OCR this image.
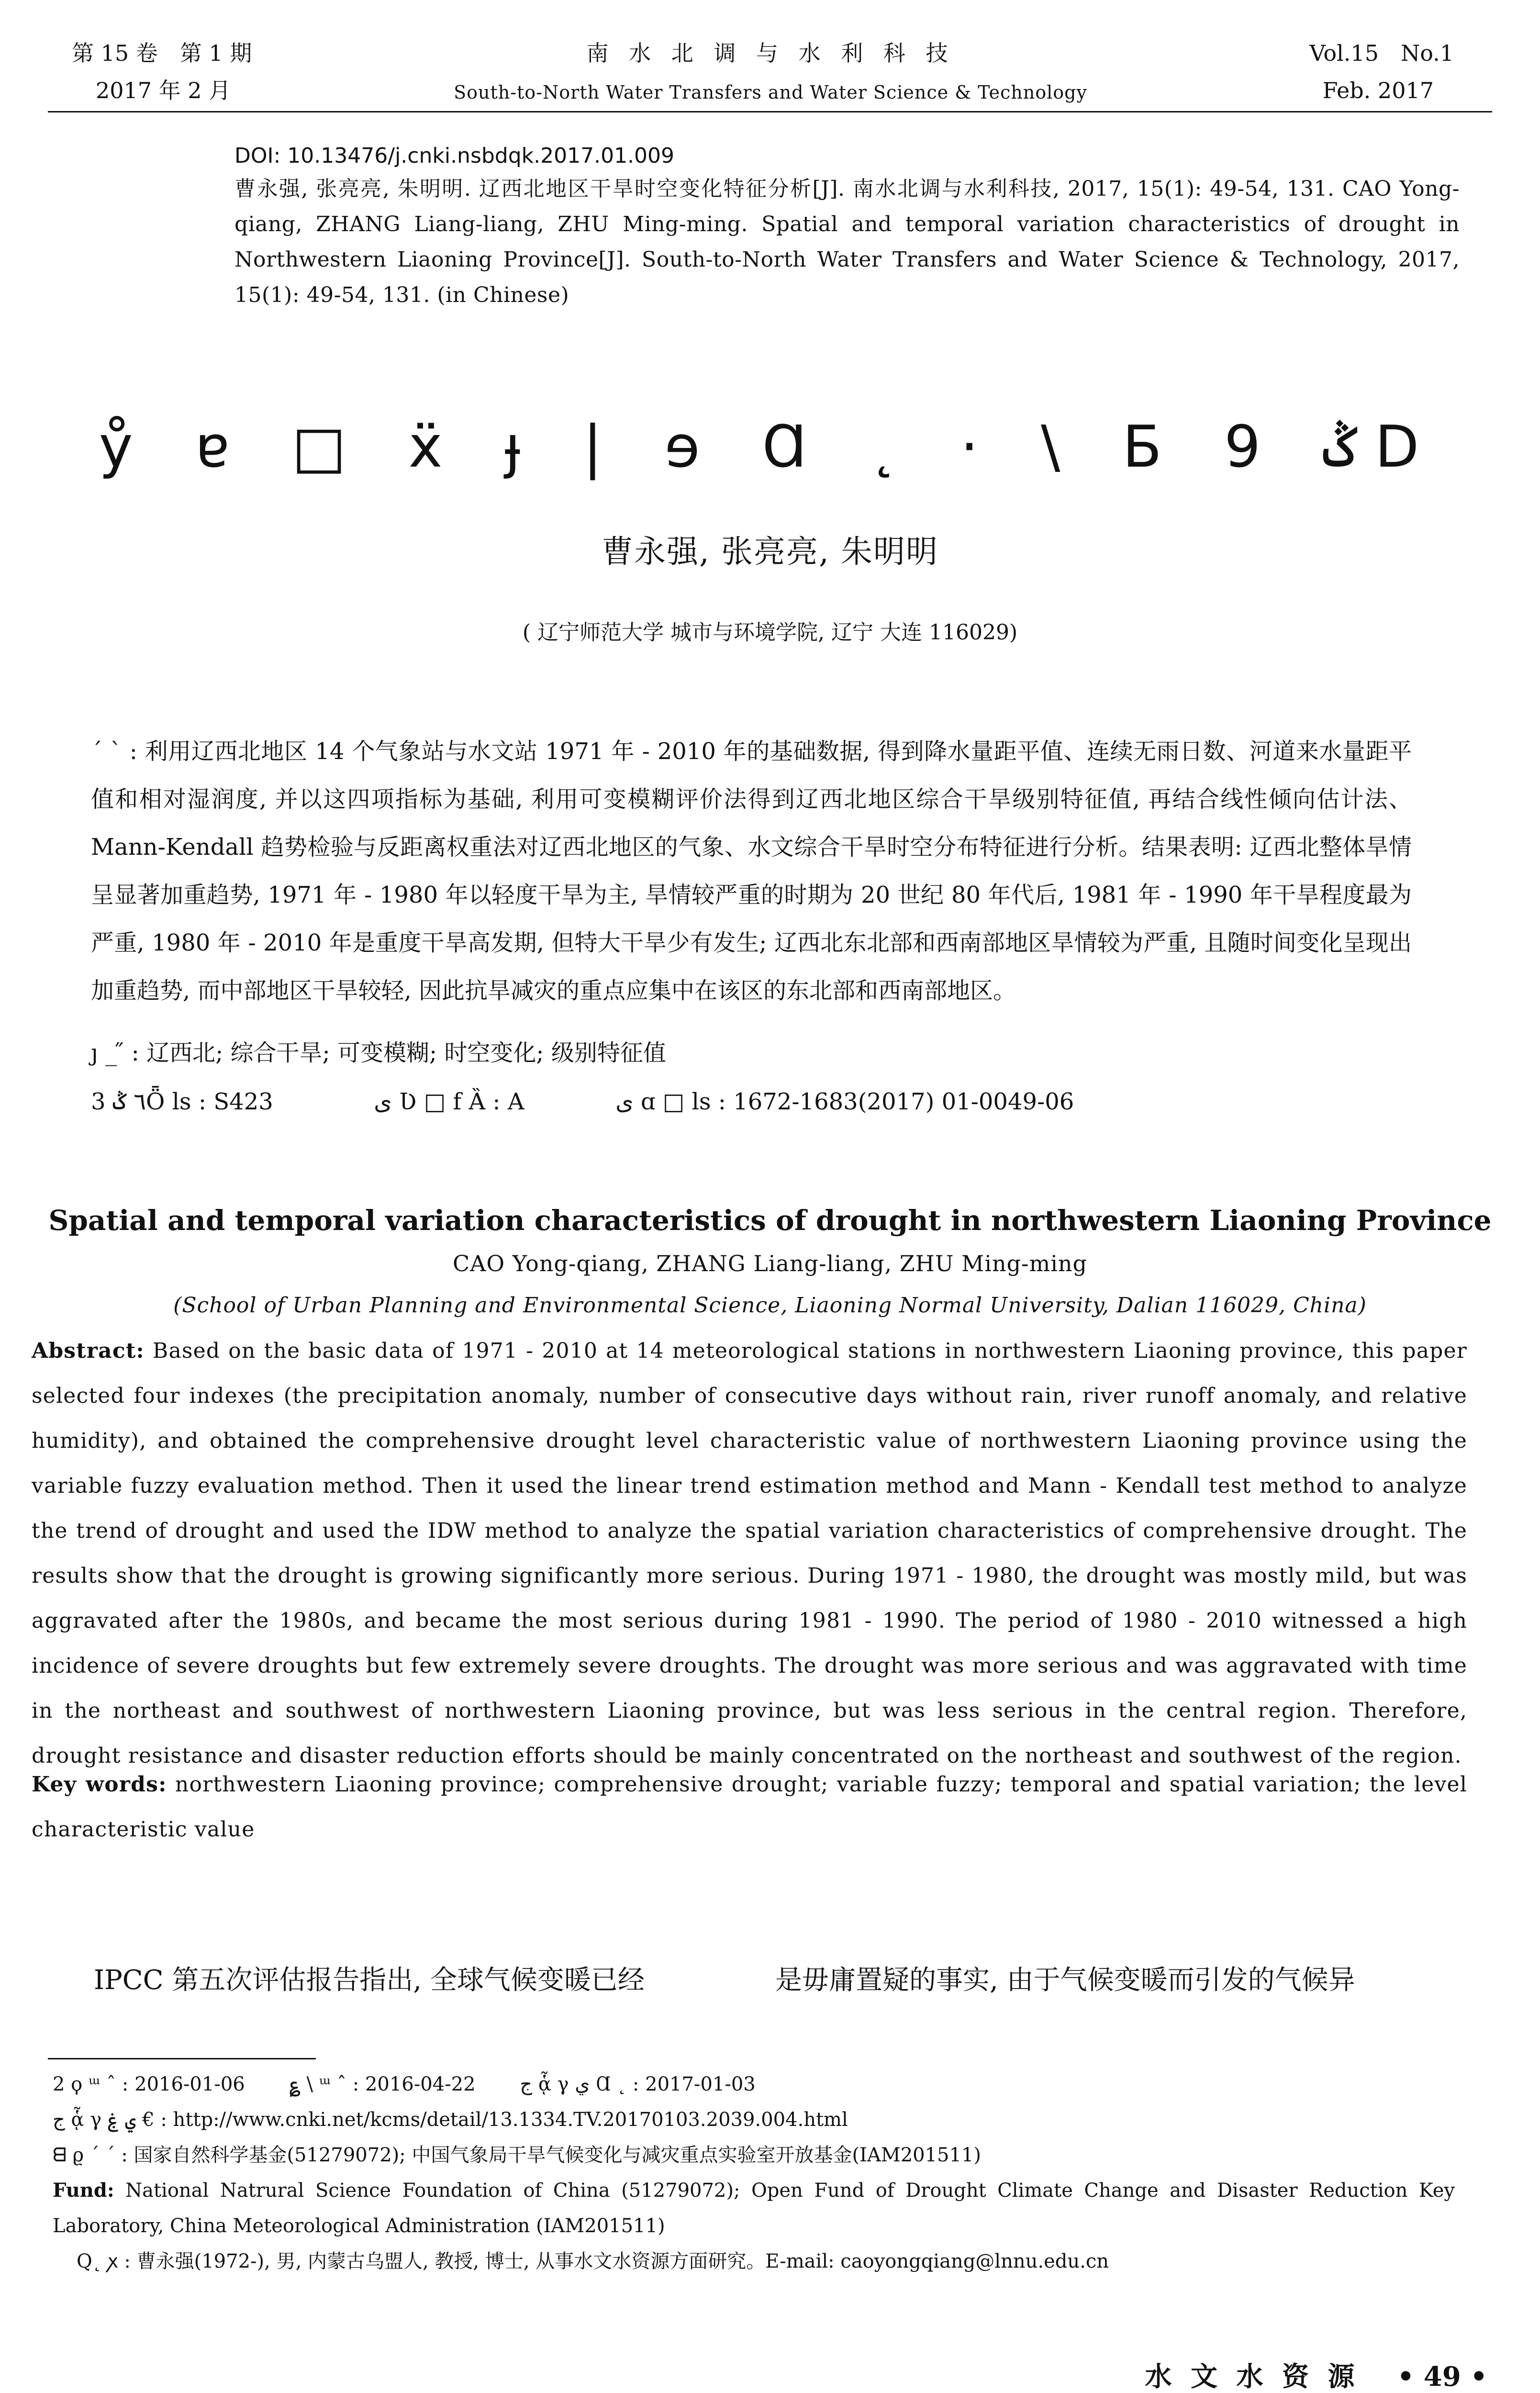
第 15 卷　第 1 期
2017 年 2 月
南 水 北 调 与 水 利 科 技
South-to-North Water Transfers and Water Science & Technology
Vol.15　No.1
Feb. 2017
DOI: 10.13476/j.cnki.nsbdqk.2017.01.009
曹永强, 张亮亮, 朱明明. 辽西北地区干旱时空变化特征分析[J]. 南水北调与水利科技, 2017, 15(1): 49-54, 131. CAO Yong-qiang, ZHANG Liang-liang, ZHU Ming-ming. Spatial and temporal variation characteristics of drought in Northwestern Liaoning Province[J]. South-to-North Water Transfers and Water Science & Technology, 2017, 15(1): 49-54, 131. (in Chinese)
ẙ ɐ □ ẍ ɟ | ɘ Ɑ ˛ · \ Ƃ 9 ݣ D
曹永强, 张亮亮, 朱明明
( 辽宁师范大学 城市与环境学院, 辽宁 大连 116029)
ˊ ˋ : 利用辽西北地区 14 个气象站与水文站 1971 年 - 2010 年的基础数据, 得到降水量距平值、连续无雨日数、河道来水量距平值和相对湿润度, 并以这四项指标为基础, 利用可变模糊评价法得到辽西北地区综合干旱级别特征值, 再结合线性倾向估计法、Mann-Kendall 趋势检验与反距离权重法对辽西北地区的气象、水文综合干旱时空分布特征进行分析。结果表明: 辽西北整体旱情呈显著加重趋势, 1971 年 - 1980 年以轻度干旱为主, 旱情较严重的时期为 20 世纪 80 年代后, 1981 年 - 1990 年干旱程度最为严重, 1980 年 - 2010 年是重度干旱高发期, 但特大干旱少有发生; 辽西北东北部和西南部地区旱情较为严重, 且随时间变化呈现出加重趋势, 而中部地区干旱较轻, 因此抗旱减灾的重点应集中在该区的东北部和西南部地区。
ȷ _ ̋ : 辽西北; 综合干旱; 可变模糊; 时空变化; 级别特征值
3 ٦ ݣȪ ls : S423	ى Ʋ □ f Ȁ : A	ى ɑ □ ls : 1672-1683(2017) 01-0049-06
Spatial and temporal variation characteristics of drought in northwestern Liaoning Province
CAO Yong-qiang, ZHANG Liang-liang, ZHU Ming-ming
(School of Urban Planning and Environmental Science, Liaoning Normal University, Dalian 116029, China)
Abstract: Based on the basic data of 1971 - 2010 at 14 meteorological stations in northwestern Liaoning province, this paper selected four indexes (the precipitation anomaly, number of consecutive days without rain, river runoff anomaly, and relative humidity), and obtained the comprehensive drought level characteristic value of northwestern Liaoning province using the variable fuzzy evaluation method. Then it used the linear trend estimation method and Mann - Kendall test method to analyze the trend of drought and used the IDW method to analyze the spatial variation characteristics of comprehensive drought. The results show that the drought is growing significantly more serious. During 1971 - 1980, the drought was mostly mild, but was aggravated after the 1980s, and became the most serious during 1981 - 1990. The period of 1980 - 2010 witnessed a high incidence of severe droughts but few extremely severe droughts. The drought was more serious and was aggravated with time in the northeast and southwest of northwestern Liaoning province, but was less serious in the central region. Therefore, drought resistance and disaster reduction efforts should be mainly concentrated on the northeast and southwest of the region.
Key words: northwestern Liaoning province; comprehensive drought; variable fuzzy; temporal and spatial variation; the level characteristic value
IPCC 第五次评估报告指出, 全球气候变暖已经	是毋庸置疑的事实, 由于气候变暖而引发的气候异
2 ϙ ᵚ ˆ : 2016-01-06　　 ؏ \ ᵚ ˆ : 2016-04-22　　 ج ᾇ γ ي Ɑ ˛ : 2017-01-03
ج ᾇ γ ي ۼ € : http://www.cnki.net/kcms/detail/13.1334.TV.20170103.2039.004.html
ᗺ ϱ ˊ ˊ : 国家自然科学基金(51279072); 中国气象局干旱气候变化与减灾重点实验室开放基金(IAM201511)
Fund: National Natrural Science Foundation of China (51279072); Open Fund of Drought Climate Change and Disaster Reduction Key Laboratory, China Meteorological Administration (IAM201511)
Q˛ ꭗ : 曹永强(1972-), 男, 内蒙古乌盟人, 教授, 博士, 从事水文水资源方面研究。E-mail: caoyongqiang@lnnu.edu.cn
水 文 水 资 源 • 49 •
